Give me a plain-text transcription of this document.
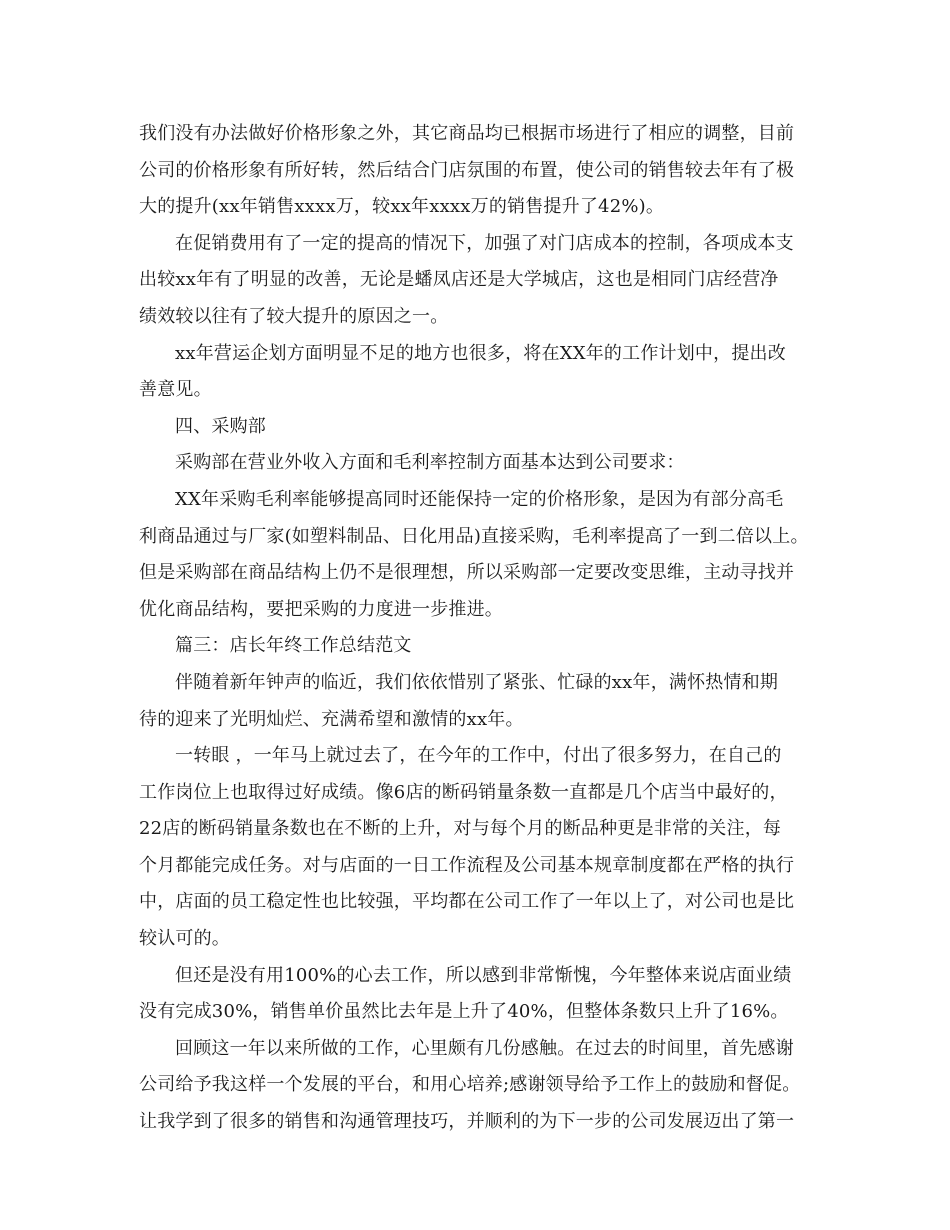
我们没有办法做好价格形象之外，其它商品均已根据市场进行了相应的调整，目前
公司的价格形象有所好转，然后结合门店氛围的布置，使公司的销售较去年有了极
大的提升(xx年销售xxxx万，较xx年xxxx万的销售提升了42%)。
在促销费用有了一定的提高的情况下，加强了对门店成本的控制，各项成本支
出较xx年有了明显的改善，无论是蟠凤店还是大学城店，这也是相同门店经营净
绩效较以往有了较大提升的原因之一。
xx年营运企划方面明显不足的地方也很多，将在XX年的工作计划中，提出改
善意见。
四、采购部
采购部在营业外收入方面和毛利率控制方面基本达到公司要求：
XX年采购毛利率能够提高同时还能保持一定的价格形象，是因为有部分高毛
利商品通过与厂家(如塑料制品、日化用品)直接采购，毛利率提高了一到二倍以上。
但是采购部在商品结构上仍不是很理想，所以采购部一定要改变思维，主动寻找并
优化商品结构，要把采购的力度进一步推进。
篇三：店长年终工作总结范文
伴随着新年钟声的临近，我们依依惜别了紧张、忙碌的xx年，满怀热情和期
待的迎来了光明灿烂、充满希望和激情的xx年。
一转眼 ，一年马上就过去了，在今年的工作中，付出了很多努力，在自己的
工作岗位上也取得过好成绩。像6店的断码销量条数一直都是几个店当中最好的，
22店的断码销量条数也在不断的上升，对与每个月的断品种更是非常的关注，每
个月都能完成任务。对与店面的一日工作流程及公司基本规章制度都在严格的执行
中，店面的员工稳定性也比较强，平均都在公司工作了一年以上了，对公司也是比
较认可的。
但还是没有用100%的心去工作，所以感到非常惭愧，今年整体来说店面业绩
没有完成30%，销售单价虽然比去年是上升了40%，但整体条数只上升了16%。
回顾这一年以来所做的工作，心里颇有几份感触。在过去的时间里，首先感谢
公司给予我这样一个发展的平台，和用心培养;感谢领导给予工作上的鼓励和督促。
让我学到了很多的销售和沟通管理技巧，并顺利的为下一步的公司发展迈出了第一
